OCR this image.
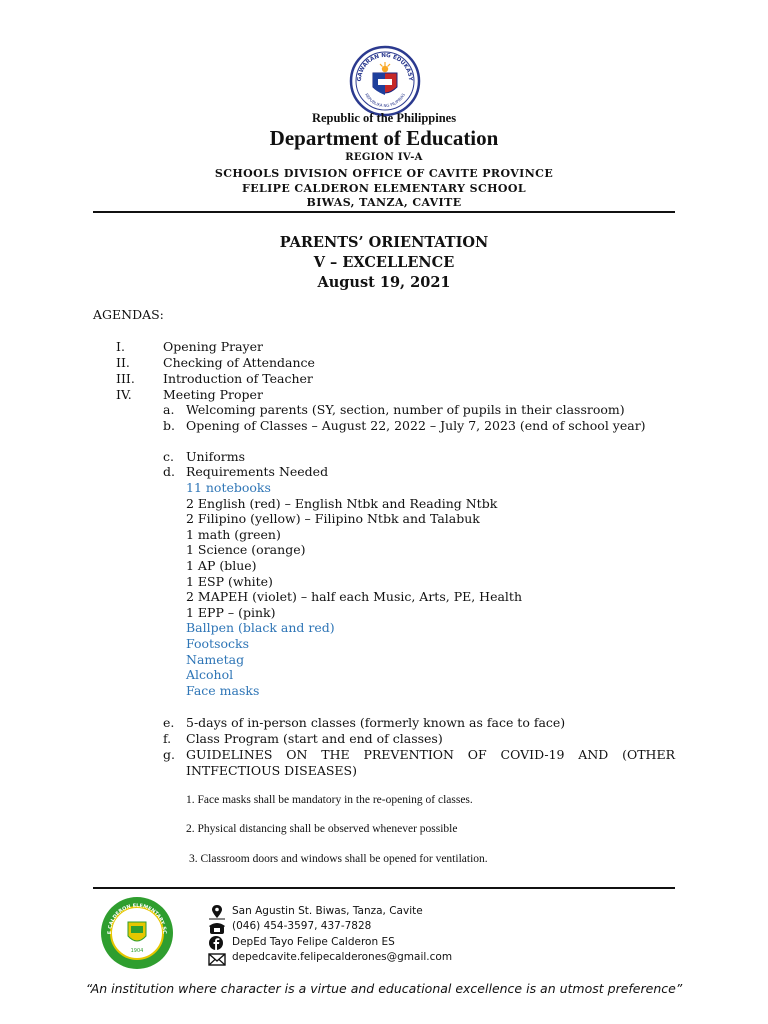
GAWARAN NG EDUKASY
REPUBLIKA NG PILIPINAS
Republic of the Philippines
Department of Education
REGION IV-A
SCHOOLS DIVISION OFFICE OF CAVITE PROVINCE
FELIPE CALDERON ELEMENTARY SCHOOL
BIWAS, TANZA, CAVITE
PARENTS’ ORIENTATION
V – EXCELLENCE
August 19, 2021
AGENDAS:
I.	Opening Prayer
II.	Checking of Attendance
III. Introduction of Teacher
IV. Meeting Proper
a. Welcoming parents (SY, section, number of pupils in their classroom)
b. Opening of Classes – August 22, 2022 – July 7, 2023 (end of school year)
c. Uniforms
d. Requirements Needed
11 notebooks
2 English (red) – English Ntbk and Reading Ntbk
2 Filipino (yellow) – Filipino Ntbk and Talabuk
1 math (green)
1 Science (orange)
1 AP (blue)
1 ESP (white)
2 MAPEH (violet) – half each Music, Arts, PE, Health
1 EPP – (pink)
Ballpen (black and red)
Footsocks
Nametag
Alcohol
Face masks
e. 5-days of in-person classes (formerly known as face to face)
f. Class Program (start and end of classes)
g. GUIDELINES ON THE PREVENTION OF COVID-19 AND (OTHER INTFECTIOUS DISEASES)
1. Face masks shall be mandatory in the re-opening of classes.
2. Physical distancing shall be observed whenever possible
3. Classroom doors and windows shall be opened for ventilation.
E CALDERON ELEMENTARY SC
1904
San Agustin St. Biwas, Tanza, Cavite
(046) 454-3597, 437-7828
DepEd Tayo Felipe Calderon ES
depedcavite.felipecalderones@gmail.com
“An institution where character is a virtue and educational excellence is an utmost preference”
